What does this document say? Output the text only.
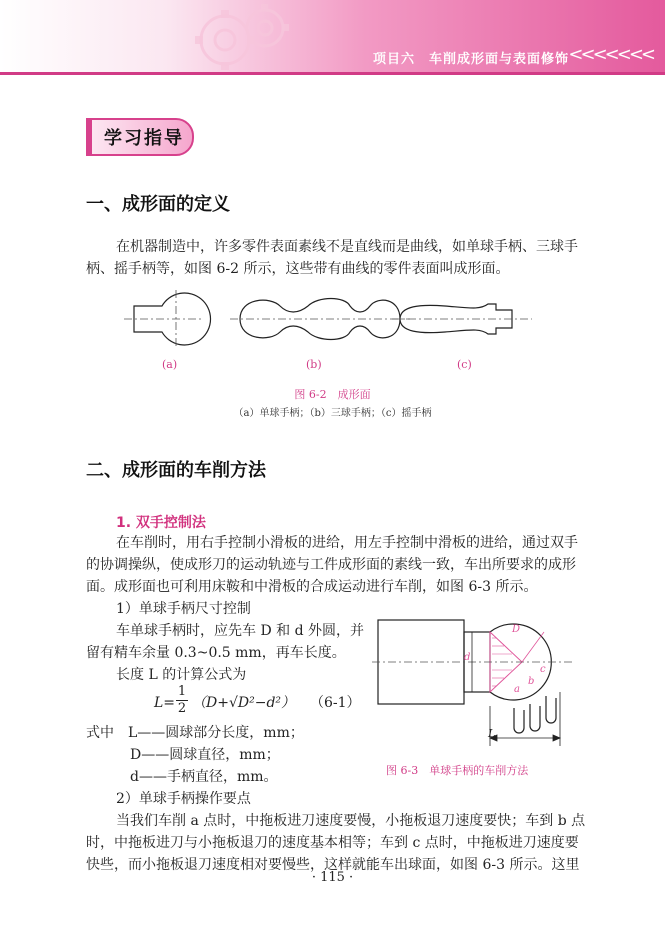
项目六　车削成形面与表面修饰 <<<<<<<
学习指导
一、成形面的定义
在机器制造中，许多零件表面素线不是直线而是曲线，如单球手柄、三球手
柄、摇手柄等，如图 6-2 所示，这些带有曲线的零件表面叫成形面。
(a)	(b)	(c)
图 6-2　成形面
（a）单球手柄；（b）三球手柄；（c）摇手柄
二、成形面的车削方法
1. 双手控制法
在车削时，用右手控制小滑板的进给，用左手控制中滑板的进给，通过双手
的协调操纵，使成形刀的运动轨迹与工件成形面的素线一致，车出所要求的成形
面。成形面也可利用床鞍和中滑板的合成运动进行车削，如图 6-3 所示。
1）单球手柄尺寸控制
车单球手柄时，应先车 D 和 d 外圆，并
留有精车余量 0.3~0.5 mm，再车长度。
长度 L 的计算公式为
$L= \frac{1}{2} (D+√D^2-d^2)$ （6-1）
式中　L——圆球部分长度，mm；
D——圆球直径，mm；
d——手柄直径，mm。
2）单球手柄操作要点
当我们车削 a 点时，中拖板进刀速度要慢，小拖板退刀速度要快；车到 b 点
时，中拖板进刀与小拖板退刀的速度基本相等；车到 c 点时，中拖板进刀速度要
快些，而小拖板退刀速度相对要慢些，这样就能车出球面，如图 6-3 所示。这里
L
d
D
a
b
c
图 6-3　单球手柄的车削方法
· 115 ·
